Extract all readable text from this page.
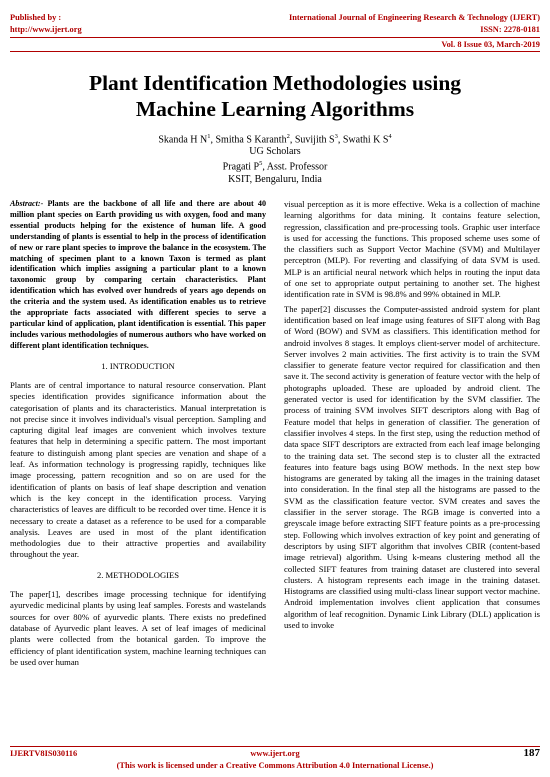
Published by :
http://www.ijert.org
International Journal of Engineering Research & Technology (IJERT)
ISSN: 2278-0181
Vol. 8 Issue 03, March-2019
Plant Identification Methodologies using
Machine Learning Algorithms
Skanda H $N^1$, Smitha S Karanth$^2$, Suvijith $S^3$, Swathi K $S^4$
UG Scholars
Pragati $P^5$, Asst. Professor
KSIT, Bengaluru, India

Abstract:- Plants are the backbone of all life and there are about 40 million plant species on Earth providing us with oxygen, food and many essential products helping for the existence of human life. A good understanding of plants is essential to help in the process of identification of new or rare plant species to improve the balance in the ecosystem. The matching of specimen plant to a known Taxon is termed as plant identification which implies assigning a particular plant to a known taxonomic group by comparing certain characteristics. Plant identification which has evolved over hundreds of years ago depends on the criteria and the system used. As identification enables us to retrieve the appropriate facts associated with different species to serve a particular kind of application, plant identification is essential. This paper includes various methodologies of numerous authors who have worked on different plant identification techniques.

1. INTRODUCTION

Plants are of central importance to natural resource conservation. Plant species identification provides significance information about the categorisation of plants and its characteristics. Manual interpretation is not precise since it involves individual's visual perception. Sampling and capturing digital leaf images are convenient which involves texture features that help in determining a specific pattern. The most important feature to distinguish among plant species are venation and shape of a leaf. As information technology is progressing rapidly, techniques like image processing, pattern recognition and so on are used for the identification of plants on basis of leaf shape description and venation which is the key concept in the identification process. Varying characteristics of leaves are difficult to be recorded over time. Hence it is necessary to create a dataset as a reference to be used for a comparable analysis. Leaves are used in most of the plant identification methodologies due to their attractive properties and availability throughout the year.

2. METHODOLOGIES

The paper[1], describes image processing technique for identifying ayurvedic medicinal plants by using leaf samples. Forests and wastelands sources for over 80% of ayurvedic plants. There exists no predefined database of Ayurvedic plant leaves. A set of leaf images of medicinal plants were collected from the botanical garden. To improve the efficiency of plant identification system, machine learning techniques can be used over human

visual perception as it is more effective. Weka is a collection of machine learning algorithms for data mining. It contains feature selection, regression, classification and pre-processing tools. Graphic user interface is used for accessing the functions. This proposed scheme uses some of the classifiers such as Support Vector Machine (SVM) and Multilayer perceptron (MLP). For reverting and classifying of data SVM is used. MLP is an artificial neural network which helps in routing the input data of one set to appropriate output pertaining to another set. The highest identification rate in SVM is 98.8% and 99% obtained in MLP.

The paper[2] discusses the Computer-assisted android system for plant identification based on leaf image using features of SIFT along with Bag of Word (BOW) and SVM as classifiers. This identification method for android involves 8 stages. It employs client-server model of architecture. Server involves 2 main activities. The first activity is to train the SVM classifier to generate feature vector required for classification and then save it. The second activity is generation of feature vector with the help of photographs uploaded. These are uploaded by android client. The generated vector is used for identification by the SVM classifier. The process of training SVM involves SIFT descriptors along with Bag of Feature model that helps in generation of classifier. The generation of classifier involves 4 steps. In the first step, using the reduction method of data space SIFT descriptors are extracted from each leaf image belonging to the training data set. The second step is to cluster all the extracted features into feature bags using BOW methods. In the next step bow histograms are generated by taking all the images in the training dataset into consideration. In the final step all the histograms are passed to the SVM as the classification feature vector. SVM creates and saves the classifier in the server storage. The RGB image is converted into a greyscale image before extracting SIFT feature points as a pre-processing step. Following which involves extraction of key point and generating of descriptors by using SIFT algorithm that involves CBIR (content-based image retrieval) algorithm. Using k-means clustering method all the collected SIFT features from training dataset are clustered into several clusters. A histogram represents each image in the training dataset. Histograms are classified using multi-class linear support vector machine. Android implementation involves client application that consumes algorithm of leaf recognition. Dynamic Link Library (DLL) application is used to invoke

IJERTV8IS030116	www.ijert.org	187
(This work is licensed under a Creative Commons Attribution 4.0 International License.)
